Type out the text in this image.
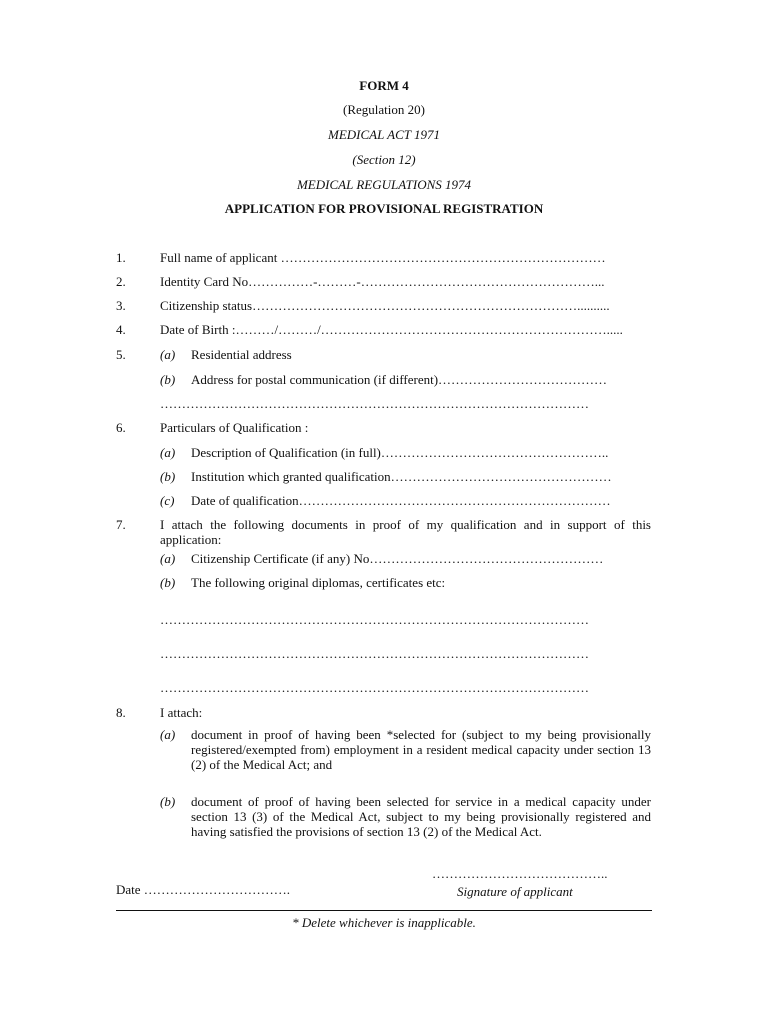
FORM 4
(Regulation 20)
MEDICAL ACT 1971
(Section 12)
MEDICAL REGULATIONS 1974
APPLICATION FOR PROVISIONAL REGISTRATION
1.	Full name of applicant …………………………………………………………………
2.	Identity Card No……………-………-………………………………………………...
3.	Citizenship status…………………………………………………………………..........
4.	Date of Birth :………/………/………………………………………………………….....
5.	(a) Residential address
(b) Address for postal communication (if different)…………………………………
………………………………………………………………………………………
6.	Particulars of Qualification :
(a) Description of Qualification (in full)……………………………………………..
(b) Institution which granted qualification……………………………………………
(c) Date of qualification………………………………………………………………
7.	I attach the following documents in proof of my qualification and in support of this application:
(a) Citizenship Certificate (if any) No………………………………………………
(b) The following original diplomas, certificates etc:
………………………………………………………………………………………
………………………………………………………………………………………
………………………………………………………………………………………
8.	I attach:
(a) document in proof of having been *selected for (subject to my being provisionally registered/exempted from) employment in a resident medical capacity under section 13 (2) of the Medical Act; and
(b) document of proof of having been selected for service in a medical capacity under section 13 (3) of the Medical Act, subject to my being provisionally registered and having satisfied the provisions of section 13 (2) of the Medical Act.
…………………………………..
Date …………………………….	Signature of applicant
* Delete whichever is inapplicable.
